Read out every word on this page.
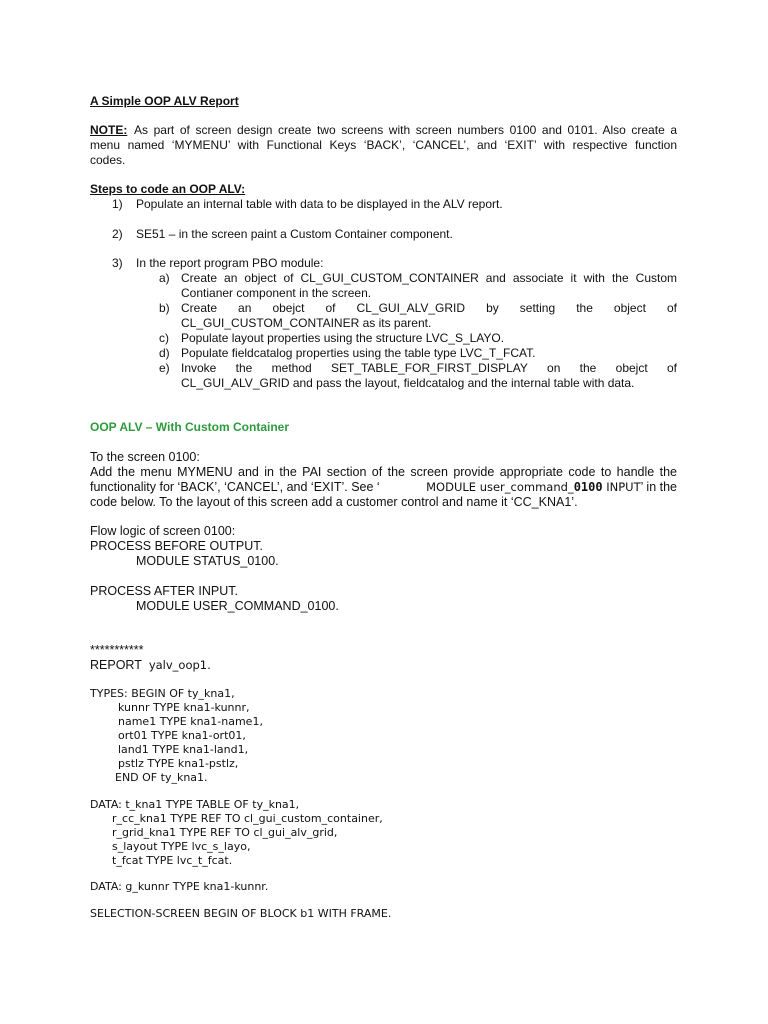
A Simple OOP ALV Report
NOTE: As part of screen design create two screens with screen numbers 0100 and 0101. Also create a
menu named ‘MYMENU’ with Functional Keys ‘BACK’, ‘CANCEL’, and ‘EXIT’ with respective function
codes.
Steps to code an OOP ALV:
1) Populate an internal table with data to be displayed in the ALV report.
2) SE51 – in the screen paint a Custom Container component.
3) In the report program PBO module:
a) Create an object of CL_GUI_CUSTOM_CONTAINER and associate it with the Custom
Contianer component in the screen.
b) Create an obejct of CL_GUI_ALV_GRID by setting the object of
CL_GUI_CUSTOM_CONTAINER as its parent.
c) Populate layout properties using the structure LVC_S_LAYO.
d) Populate fieldcatalog properties using the table type LVC_T_FCAT.
e) Invoke the method SET_TABLE_FOR_FIRST_DISPLAY on the obejct of
CL_GUI_ALV_GRID and pass the layout, fieldcatalog and the internal table with data.
OOP ALV – With Custom Container
To the screen 0100:
Add the menu MYMENU and in the PAI section of the screen provide appropriate code to handle the
functionality for ‘BACK’, ‘CANCEL’, and ‘EXIT’. See ‘	MODULE user_command_0100 INPUT’ in the
code below. To the layout of this screen add a customer control and name it ‘CC_KNA1’.
Flow logic of screen 0100:
PROCESS BEFORE OUTPUT.
MODULE STATUS_0100.
PROCESS AFTER INPUT.
MODULE USER_COMMAND_0100.
***********
REPORT yalv_oop1.
TYPES: BEGIN OF ty_kna1,
kunnr TYPE kna1-kunnr,
name1 TYPE kna1-name1,
ort01 TYPE kna1-ort01,
land1 TYPE kna1-land1,
pstlz TYPE kna1-pstlz,
END OF ty_kna1.
DATA: t_kna1 TYPE TABLE OF ty_kna1,
r_cc_kna1 TYPE REF TO cl_gui_custom_container,
r_grid_kna1 TYPE REF TO cl_gui_alv_grid,
s_layout TYPE lvc_s_layo,
t_fcat TYPE lvc_t_fcat.
DATA: g_kunnr TYPE kna1-kunnr.
SELECTION-SCREEN BEGIN OF BLOCK b1 WITH FRAME.
